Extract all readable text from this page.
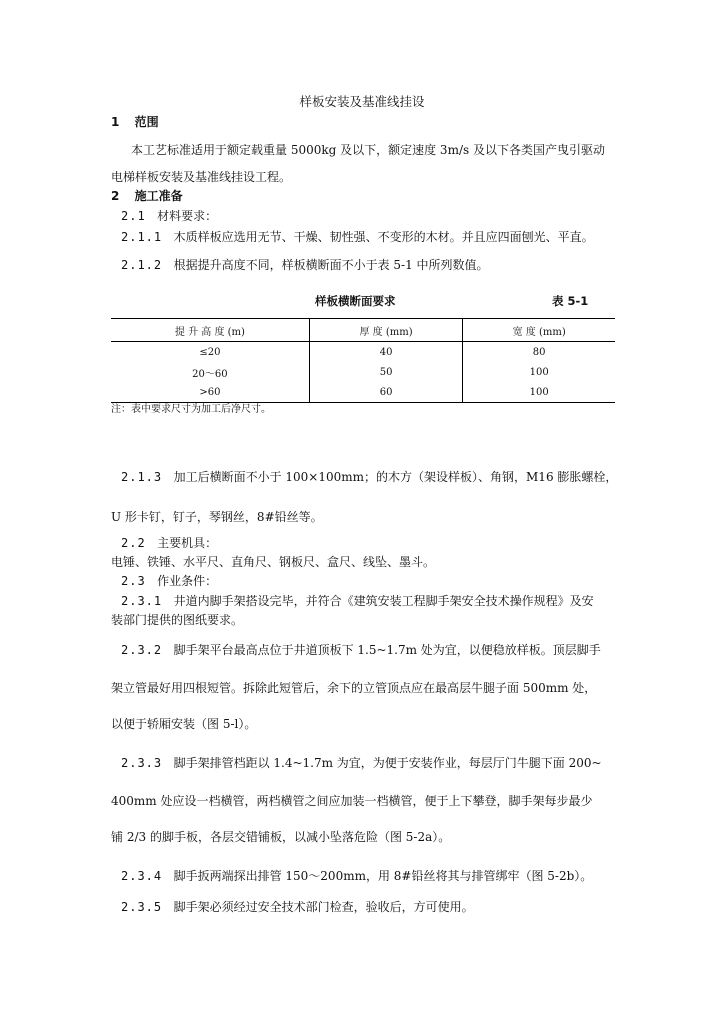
样板安装及基准线挂设
1 范围
本工艺标准适用于额定载重量 5000kg 及以下，额定速度 3m/s 及以下各类国产曳引驱动
电梯样板安装及基准线挂设工程。
2 施工准备
2.1 材料要求：
2.1.1 木质样板应选用无节、干燥、韧性强、不变形的木材。并且应四面刨光、平直。
2.1.2 根据提升高度不同，样板横断面不小于表 5-1 中所列数值。
样板横断面要求	表 5-1
提 升 高 度 (m)	厚 度 (mm)	宽 度 (mm)
≤20	40	80
20～60	50	100
>60	60	100
注：表中要求尺寸为加工后净尺寸。
2.1.3 加工后横断面不小于 100×100mm；的木方（架设样板）、角钢，M16 膨胀螺栓，
U 形卡钉，钉子，琴钢丝，8#铅丝等。
2.2 主要机具：
电锤、铁锤、水平尺、直角尺、钢板尺、盒尺、线坠、墨斗。
2.3 作业条件：
2.3.1 井道内脚手架搭设完毕，并符合《建筑安装工程脚手架安全技术操作规程》及安
装部门提供的图纸要求。
2.3.2 脚手架平台最高点位于井道顶板下 1.5~1.7m 处为宜，以便稳放样板。顶层脚手
架立管最好用四根短管。拆除此短管后，余下的立管顶点应在最高层牛腿子面 500mm 处，
以便于轿厢安装（图 5-l）。
2.3.3 脚手架排管档距以 1.4~1.7m 为宜，为便于安装作业，每层厅门牛腿下面 200~
400mm 处应设一档横管，两档横管之间应加装一档横管，便于上下攀登，脚手架每步最少
铺 2/3 的脚手板，各层交错铺板，以减小坠落危险（图 5-2a）。
2.3.4 脚手扳两端探出排管 150～200mm，用 8#铅丝将其与排管绑牢（图 5-2b）。
2.3.5 脚手架必须经过安全技术部门检查，验收后，方可使用。
